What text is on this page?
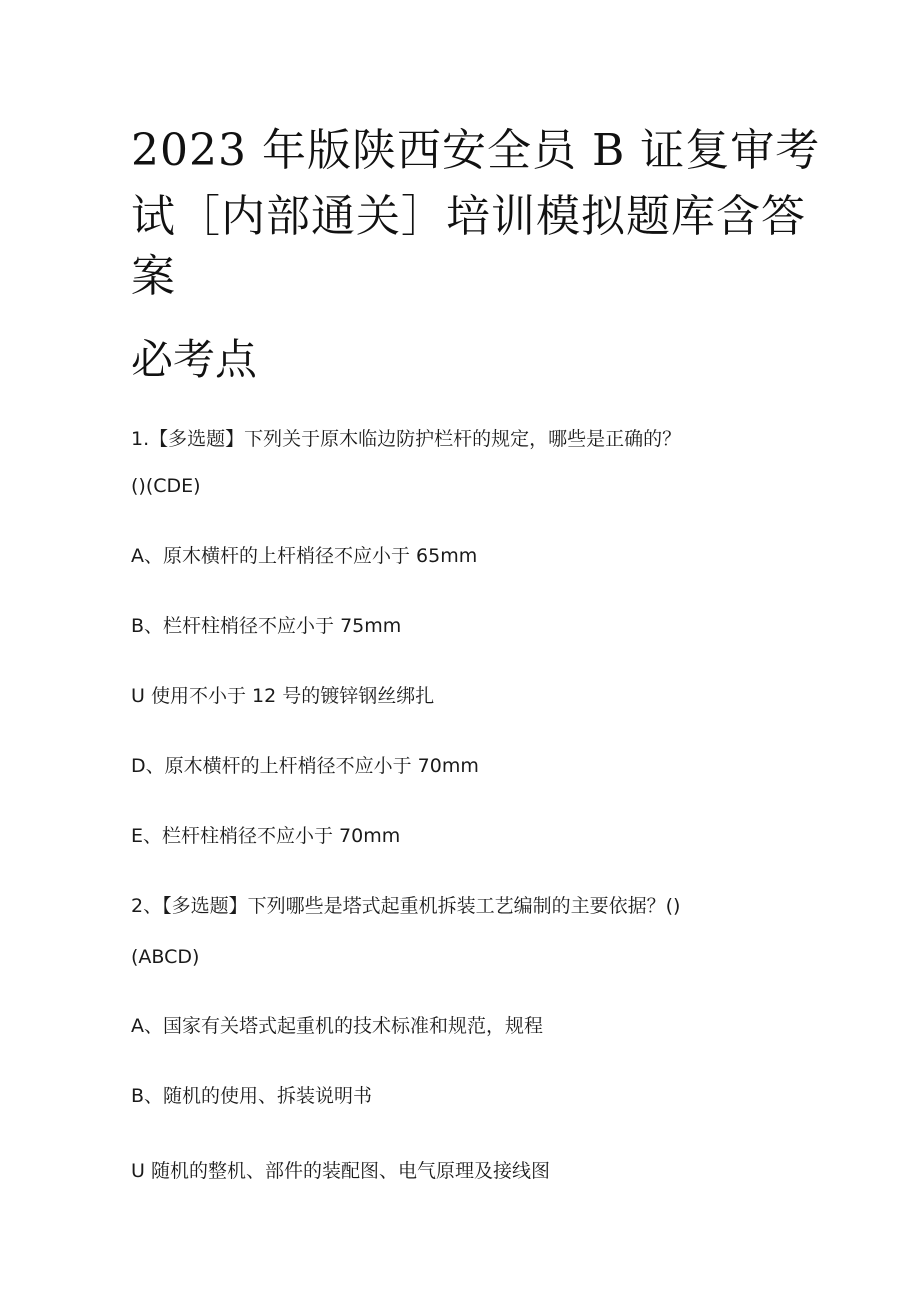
2023 年版陕西安全员 B 证复审考
试［内部通关］培训模拟题库含答
案
必考点

1.【多选题】下列关于原木临边防护栏杆的规定，哪些是正确的？

()(CDE)

A、原木横杆的上杆梢径不应小于 65mm

B、栏杆柱梢径不应小于 75mm

U 使用不小于 12 号的镀锌钢丝绑扎

D、原木横杆的上杆梢径不应小于 70mm

E、栏杆柱梢径不应小于 70mm

2、【多选题】下列哪些是塔式起重机拆装工艺编制的主要依据？()

(ABCD)

A、国家有关塔式起重机的技术标准和规范，规程

B、随机的使用、拆装说明书

U 随机的整机、部件的装配图、电气原理及接线图
